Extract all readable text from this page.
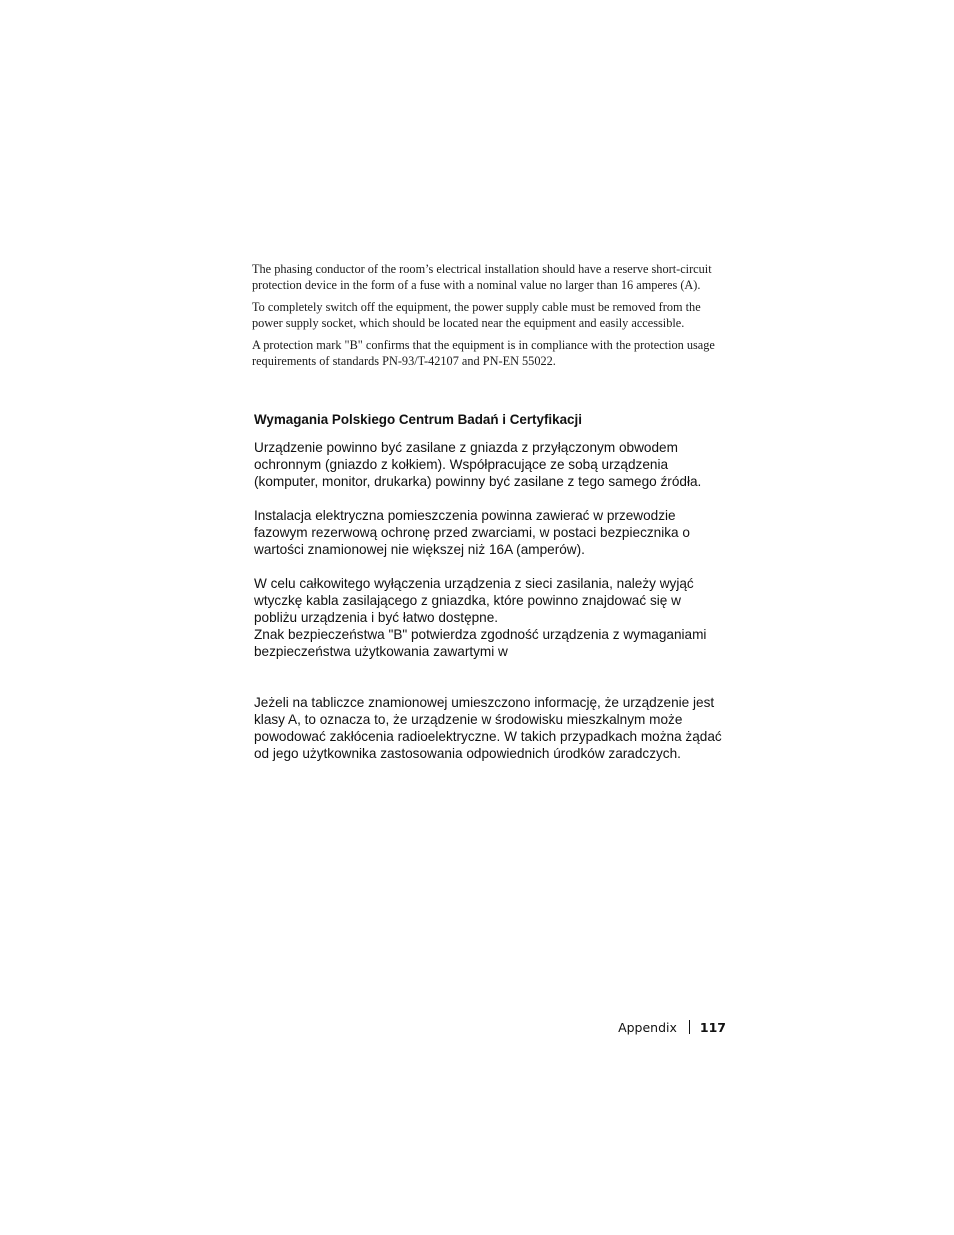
The phasing conductor of the room’s electrical installation should have a reserve short-circuit protection device in the form of a fuse with a nominal value no larger than 16 amperes (A).

To completely switch off the equipment, the power supply cable must be removed from the power supply socket, which should be located near the equipment and easily accessible.

A protection mark "B" confirms that the equipment is in compliance with the protection usage requirements of standards PN-93/T-42107 and PN-EN 55022.

Wymagania Polskiego Centrum Badań i Certyfikacji

Urządzenie powinno być zasilane z gniazda z przyłączonym obwodem ochronnym (gniazdo z kołkiem). Współpracujące ze sobą urządzenia (komputer, monitor, drukarka) powinny być zasilane z tego samego źródła.

Instalacja elektryczna pomieszczenia powinna zawierać w przewodzie fazowym rezerwową ochronę przed zwarciami, w postaci bezpiecznika o wartości znamionowej nie większej niż 16A (amperów).

W celu całkowitego wyłączenia urządzenia z sieci zasilania, należy wyjąć wtyczkę kabla zasilającego z gniazdka, które powinno znajdować się w pobliżu urządzenia i być łatwo dostępne.

Znak bezpieczeństwa "B" potwierdza zgodność urządzenia z wymaganiami bezpieczeństwa użytkowania zawartymi w

Jeżeli na tabliczce znamionowej umieszczono informację, że urządzenie jest klasy A, to oznacza to, że urządzenie w środowisku mieszkalnym może powodować zakłócenia radioelektryczne. W takich przypadkach można żądać od jego użytkownika zastosowania odpowiednich úrodków zaradczych.

Appendix 117
